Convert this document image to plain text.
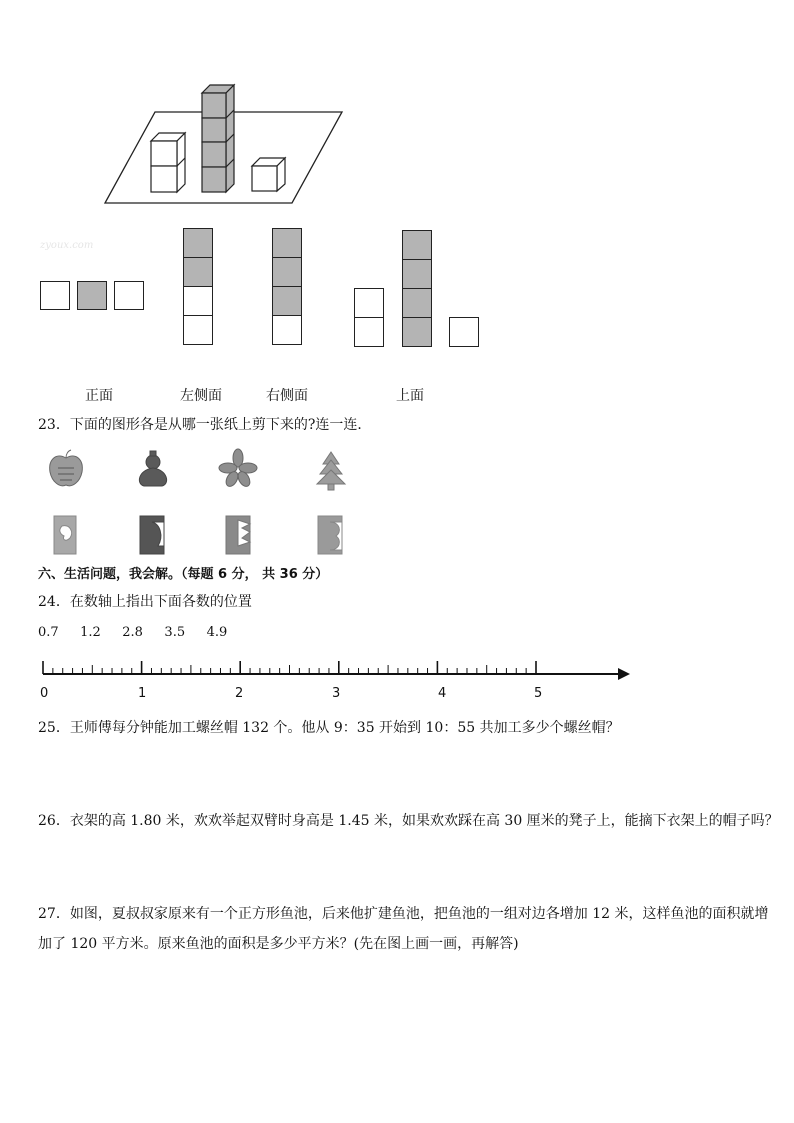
zyoux.com
正面	左侧面	右侧面	上面
23．下面的图形各是从哪一张纸上剪下来的?连一连．
六、生活问题，我会解。（每题 6 分， 共 36 分）
24．在数轴上指出下面各数的位置
0.7 1.2 2.8 3.5 4.9
0	1	2	3	4	5
25．王师傅每分钟能加工螺丝帽 132 个。他从 9：35 开始到 10：55 共加工多少个螺丝帽？
26．衣架的高 1.80 米，欢欢举起双臂时身高是 1.45 米，如果欢欢踩在高 30 厘米的凳子上，能摘下衣架上的帽子吗？
27．如图，夏叔叔家原来有一个正方形鱼池，后来他扩建鱼池，把鱼池的一组对边各增加 12 米，这样鱼池的面积就增
加了 120 平方米。原来鱼池的面积是多少平方米？(先在图上画一画，再解答)
